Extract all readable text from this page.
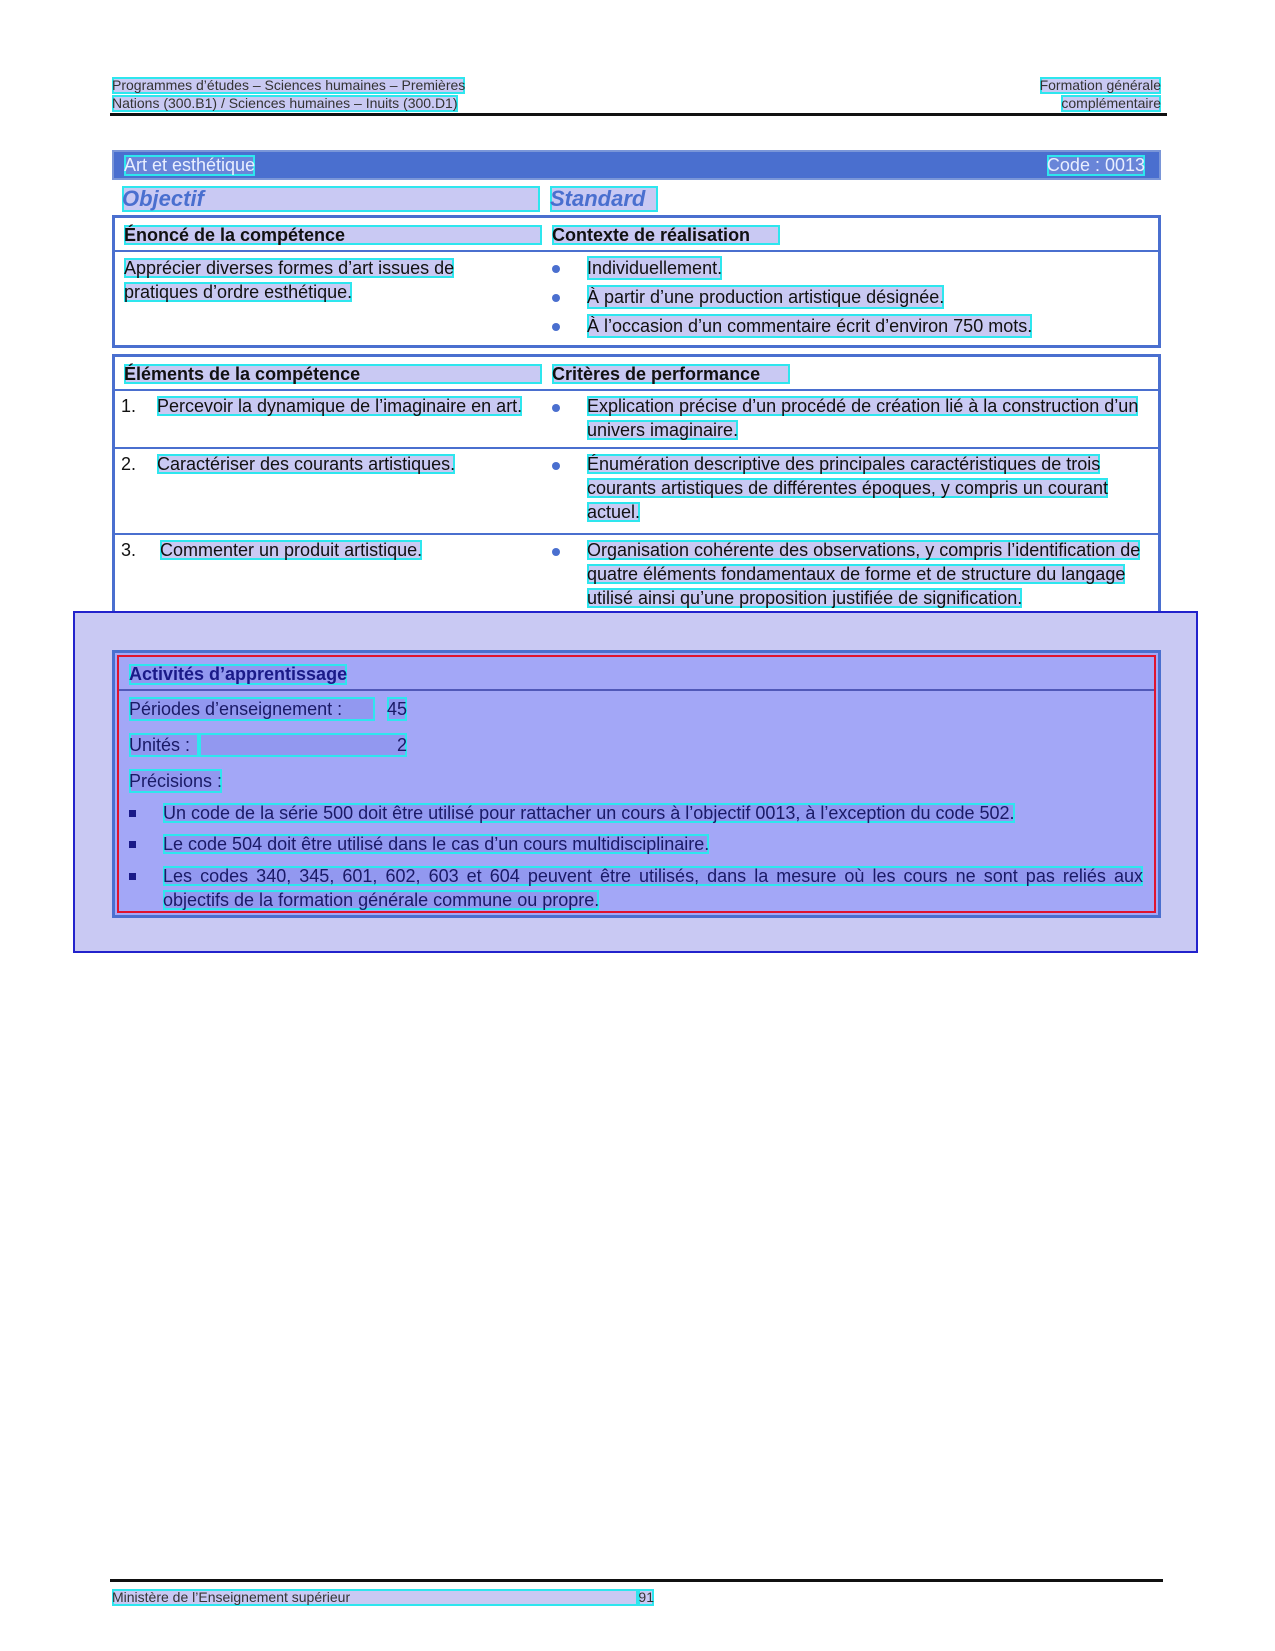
Programmes d’études – Sciences humaines – Premières	Formation générale
Nations (300.B1) / Sciences humaines – Inuits (300.D1)	complémentaire
Art et esthétique	Code : 0013
Objectif	Standard
Énoncé de la compétence	Contexte de réalisation
Apprécier diverses formes d’art issues de pratiques d’ordre esthétique.
Individuellement.
À partir d’une production artistique désignée.
À l’occasion d’un commentaire écrit d’environ 750 mots.
Éléments de la compétence	Critères de performance
1. Percevoir la dynamique de l’imaginaire en art.	Explication précise d’un procédé de création lié à la construction d’un univers imaginaire.
2. Caractériser des courants artistiques.	Énumération descriptive des principales caractéristiques de trois courants artistiques de différentes époques, y compris un courant actuel.
3. Commenter un produit artistique.	Organisation cohérente des observations, y compris l’identification de quatre éléments fondamentaux de forme et de structure du langage utilisé ainsi qu’une proposition justifiée de signification.
Activités d’apprentissage
Périodes d’enseignement : 45
Unités :	2
Précisions :
Un code de la série 500 doit être utilisé pour rattacher un cours à l’objectif 0013, à l’exception du code 502.
Le code 504 doit être utilisé dans le cas d’un cours multidisciplinaire.
Les codes 340, 345, 601, 602, 603 et 604 peuvent être utilisés, dans la mesure où les cours ne sont pas reliés aux objectifs de la formation générale commune ou propre.
Ministère de l’Enseignement supérieur	91
